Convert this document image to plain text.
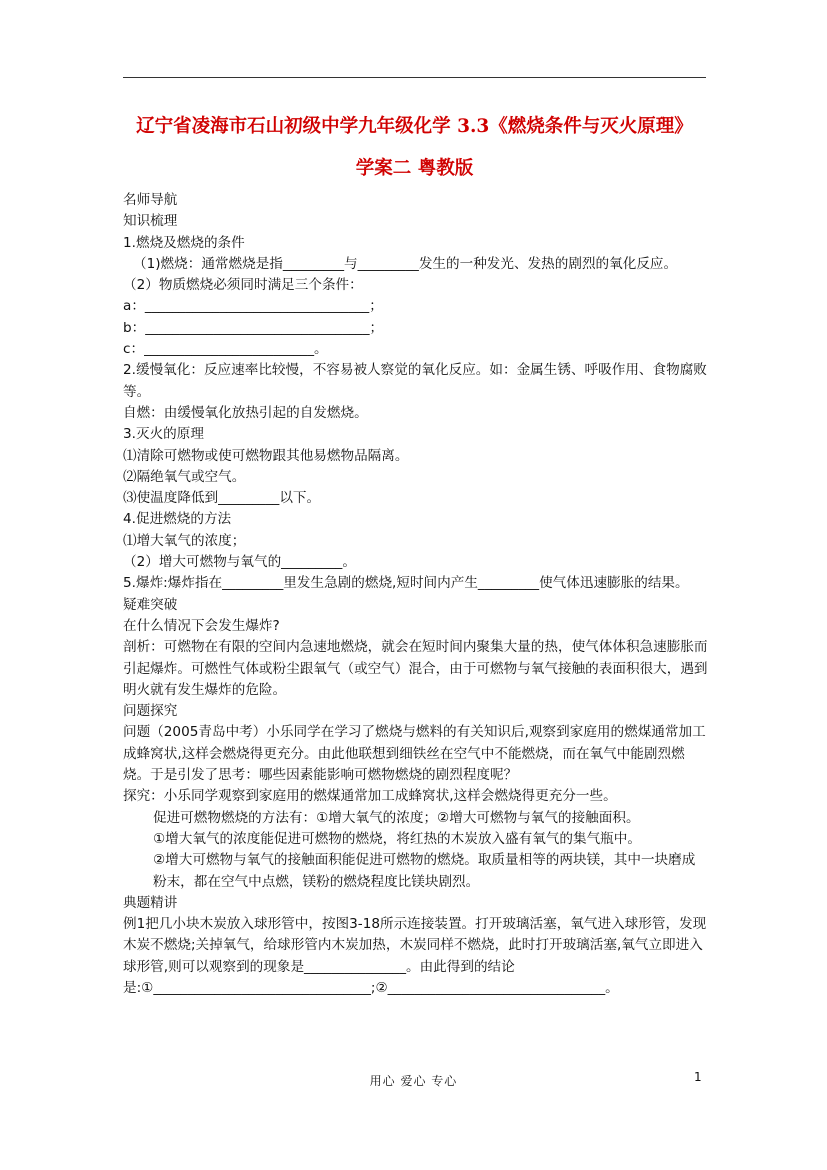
辽宁省凌海市石山初级中学九年级化学 3.3《燃烧条件与灭火原理》
学案二 粤教版

名师导航

知识梳理

1.燃烧及燃烧的条件

（1)燃烧：通常燃烧是指_________与_________发生的一种发光、发热的剧烈的氧化反应。

（2）物质燃烧必须同时满足三个条件：

a：_________________________________；

b：_________________________________；

c：_________________________。

2.缓慢氧化：反应速率比较慢，不容易被人察觉的氧化反应。如：金属生锈、呼吸作用、食物腐败等。

自燃：由缓慢氧化放热引起的自发燃烧。

3.灭火的原理

⑴清除可燃物或使可燃物跟其他易燃物品隔离。

⑵隔绝氧气或空气。

⑶使温度降低到_________以下。

4.促进燃烧的方法

⑴增大氧气的浓度；

（2）增大可燃物与氧气的_________。

5.爆炸:爆炸指在_________里发生急剧的燃烧,短时间内产生_________使气体迅速膨胀的结果。

疑难突破

在什么情况下会发生爆炸?

剖析：可燃物在有限的空间内急速地燃烧，就会在短时间内聚集大量的热，使气体体积急速膨胀而引起爆炸。可燃性气体或粉尘跟氧气（或空气）混合，由于可燃物与氧气接触的表面积很大，遇到明火就有发生爆炸的危险。

问题探究

问题（2005青岛中考）小乐同学在学习了燃烧与燃料的有关知识后,观察到家庭用的燃煤通常加工成蜂窝状,这样会燃烧得更充分。由此他联想到细铁丝在空气中不能燃烧，而在氧气中能剧烈燃烧。于是引发了思考：哪些因素能影响可燃物燃烧的剧烈程度呢？

探究：小乐同学观察到家庭用的燃煤通常加工成蜂窝状,这样会燃烧得更充分一些。

促进可燃物燃烧的方法有：①增大氧气的浓度；②增大可燃物与氧气的接触面积。

①增大氧气的浓度能促进可燃物的燃烧，将红热的木炭放入盛有氧气的集气瓶中。

②增大可燃物与氧气的接触面积能促进可燃物的燃烧。取质量相等的两块镁，其中一块磨成粉末，都在空气中点燃，镁粉的燃烧程度比镁块剧烈。

典题精讲

例1把几小块木炭放入球形管中，按图3-18所示连接装置。打开玻璃活塞，氧气进入球形管，发现木炭不燃烧;关掉氧气，给球形管内木炭加热，木炭同样不燃烧，此时打开玻璃活塞,氧气立即进入球形管,则可以观察到的现象是_______________。由此得到的结论是:①________________________________;②________________________________。

用心 爱心 专心	1
